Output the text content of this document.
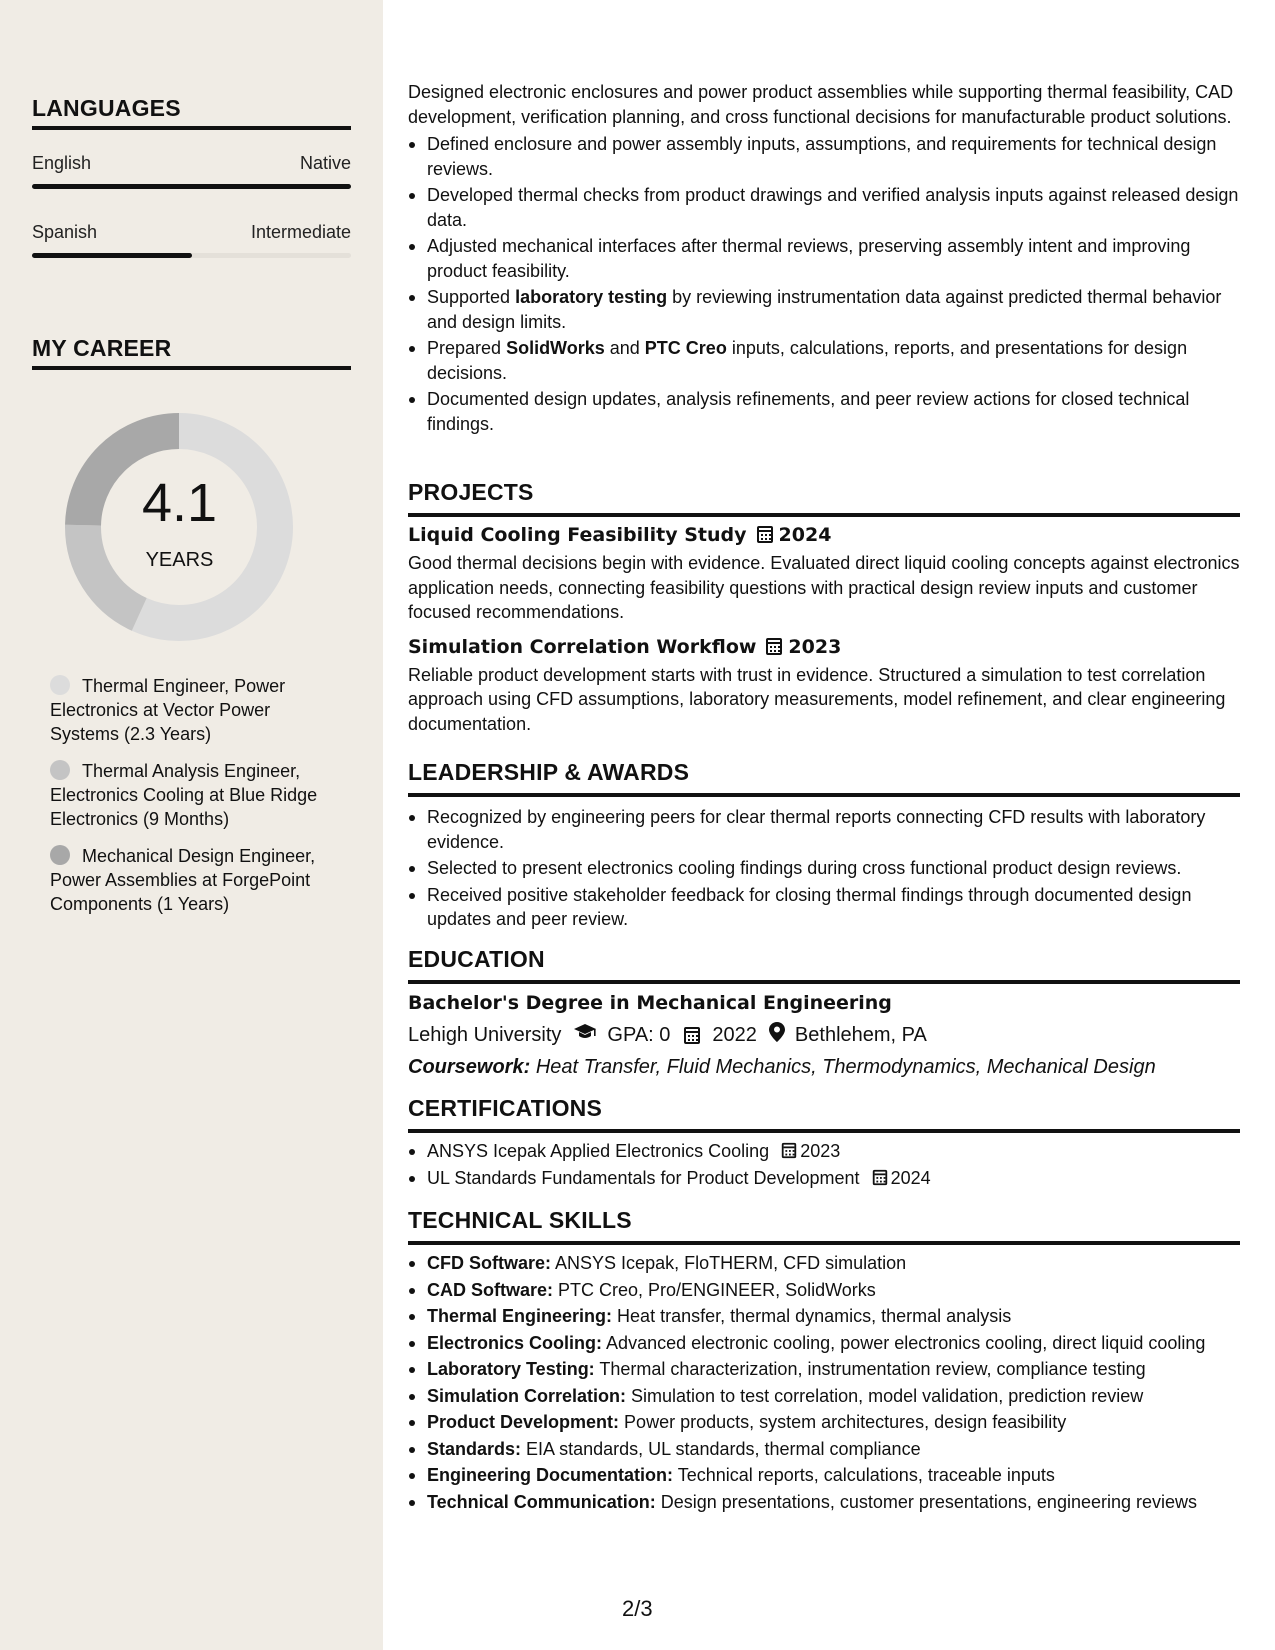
LANGUAGES
English	Native
Spanish	Intermediate
MY CAREER
4.1
YEARS
Thermal Engineer, Power Electronics at Vector Power Systems (2.3 Years)
Thermal Analysis Engineer, Electronics Cooling at Blue Ridge Electronics (9 Months)
Mechanical Design Engineer, Power Assemblies at ForgePoint Components (1 Years)

Designed electronic enclosures and power product assemblies while supporting thermal feasibility, CAD development, verification planning, and cross functional decisions for manufacturable product solutions.

Defined enclosure and power assembly inputs, assumptions, and requirements for technical design reviews.
Developed thermal checks from product drawings and verified analysis inputs against released design data.
Adjusted mechanical interfaces after thermal reviews, preserving assembly intent and improving product feasibility.
Supported laboratory testing by reviewing instrumentation data against predicted thermal behavior and design limits.
Prepared SolidWorks and PTC Creo inputs, calculations, reports, and presentations for design decisions.
Documented design updates, analysis refinements, and peer review actions for closed technical findings.
PROJECTS
Liquid Cooling Feasibility Study 2024
Good thermal decisions begin with evidence. Evaluated direct liquid cooling concepts against electronics application needs, connecting feasibility questions with practical design review inputs and customer focused recommendations.
Simulation Correlation Workflow 2023
Reliable product development starts with trust in evidence. Structured a simulation to test correlation approach using CFD assumptions, laboratory measurements, model refinement, and clear engineering documentation.
LEADERSHIP & AWARDS
Recognized by engineering peers for clear thermal reports connecting CFD results with laboratory evidence.
Selected to present electronics cooling findings during cross functional product design reviews.
Received positive stakeholder feedback for closing thermal findings through documented design updates and peer review.
EDUCATION
Bachelor's Degree in Mechanical Engineering
Lehigh University GPA: 0 2022 Bethlehem, PA
Coursework: Heat Transfer, Fluid Mechanics, Thermodynamics, Mechanical Design
CERTIFICATIONS
ANSYS Icepak Applied Electronics Cooling 2023
UL Standards Fundamentals for Product Development 2024
TECHNICAL SKILLS
CFD Software: ANSYS Icepak, FloTHERM, CFD simulation
CAD Software: PTC Creo, Pro/ENGINEER, SolidWorks
Thermal Engineering: Heat transfer, thermal dynamics, thermal analysis
Electronics Cooling: Advanced electronic cooling, power electronics cooling, direct liquid cooling
Laboratory Testing: Thermal characterization, instrumentation review, compliance testing
Simulation Correlation: Simulation to test correlation, model validation, prediction review
Product Development: Power products, system architectures, design feasibility
Standards: EIA standards, UL standards, thermal compliance
Engineering Documentation: Technical reports, calculations, traceable inputs
Technical Communication: Design presentations, customer presentations, engineering reviews
2/3
